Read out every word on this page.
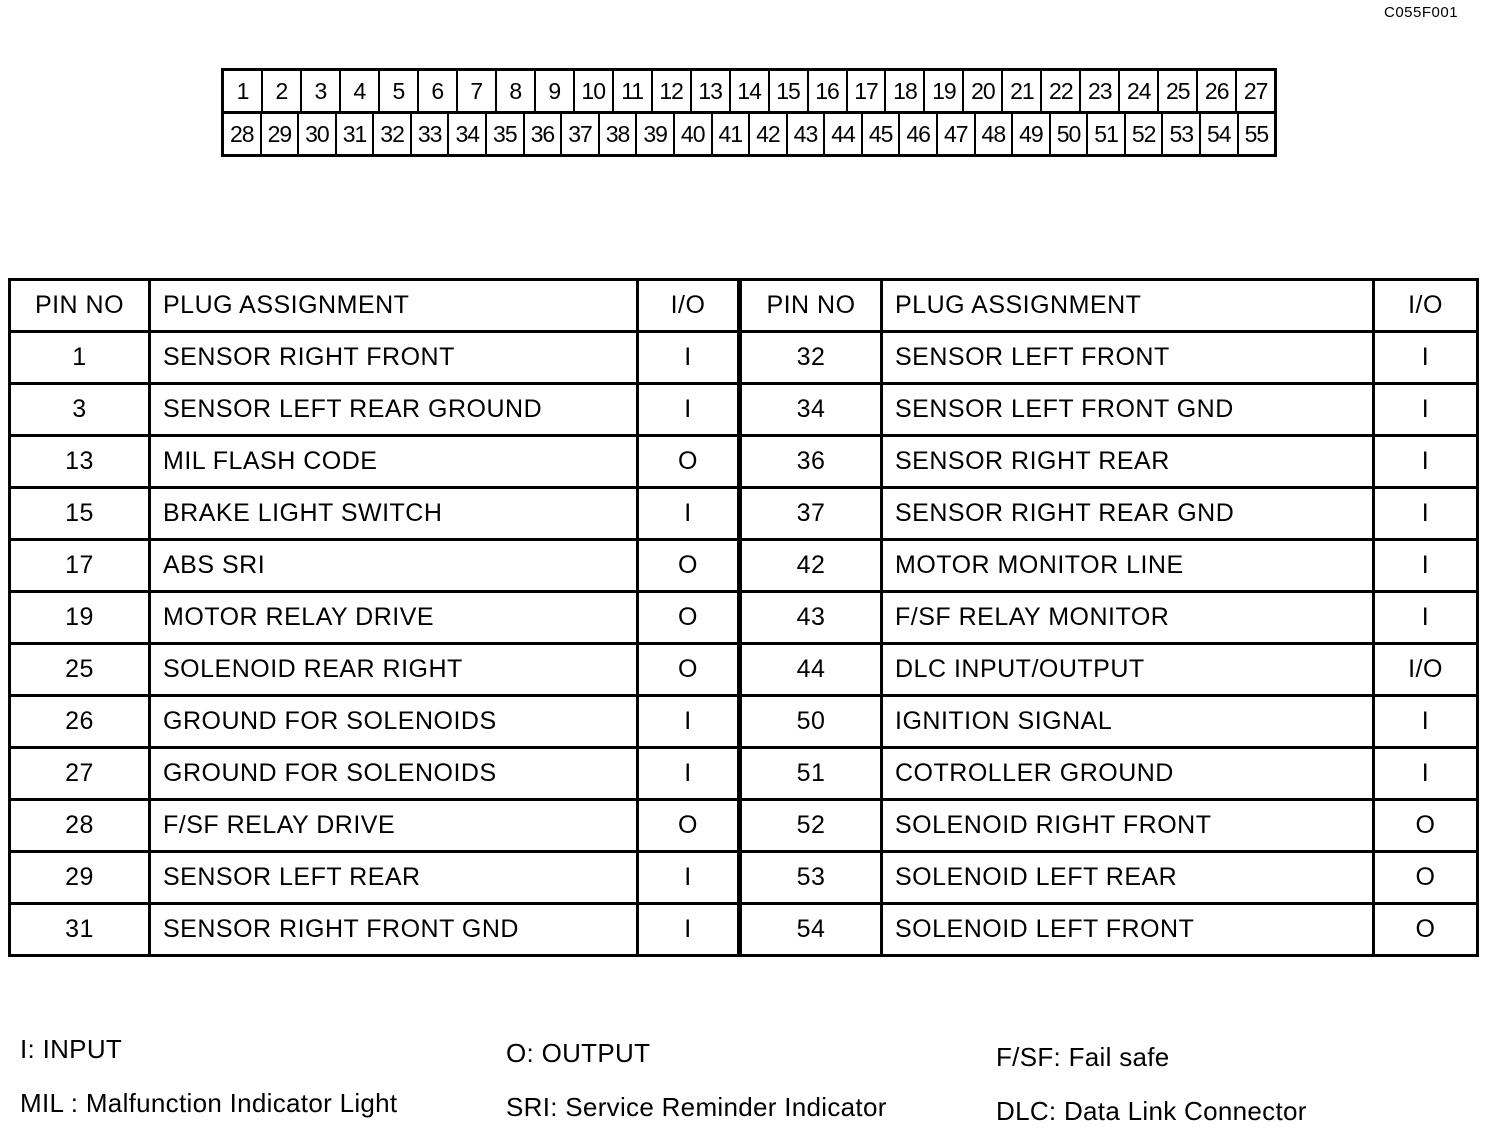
C055F001
1	2	3	4	5	6	7	8	9 10 11 12 13 14 15 16 17 18 19 20 21 22 23 24 25 26 27
28 29 30 31 32 33 34 35 36 37 38 39 40 41 42 43 44 45 46 47 48 49 50 51 52 53 54 55
PIN NO	PLUG ASSIGNMENT	I/O	PIN NO	PLUG ASSIGNMENT	I/O
1	SENSOR RIGHT FRONT	I	32	SENSOR LEFT FRONT	I
3	SENSOR LEFT REAR GROUND	I	34	SENSOR LEFT FRONT GND	I
13	MIL FLASH CODE	O	36	SENSOR RIGHT REAR	I
15	BRAKE LIGHT SWITCH	I	37	SENSOR RIGHT REAR GND	I
17	ABS SRI	O	42	MOTOR MONITOR LINE	I
19	MOTOR RELAY DRIVE	O	43	F/SF RELAY MONITOR	I
25	SOLENOID REAR RIGHT	O	44	DLC INPUT/OUTPUT	I/O
26	GROUND FOR SOLENOIDS	I	50	IGNITION SIGNAL	I
27	GROUND FOR SOLENOIDS	I	51	COTROLLER GROUND	I
28	F/SF RELAY DRIVE	O	52	SOLENOID RIGHT FRONT	O
29	SENSOR LEFT REAR	I	53	SOLENOID LEFT REAR	O
31	SENSOR RIGHT FRONT GND	I	54	SOLENOID LEFT FRONT	O
I: INPUT	O: OUTPUT	F/SF: Fail safe
MIL : Malfunction Indicator Light	SRI: Service Reminder Indicator	DLC: Data Link Connector
